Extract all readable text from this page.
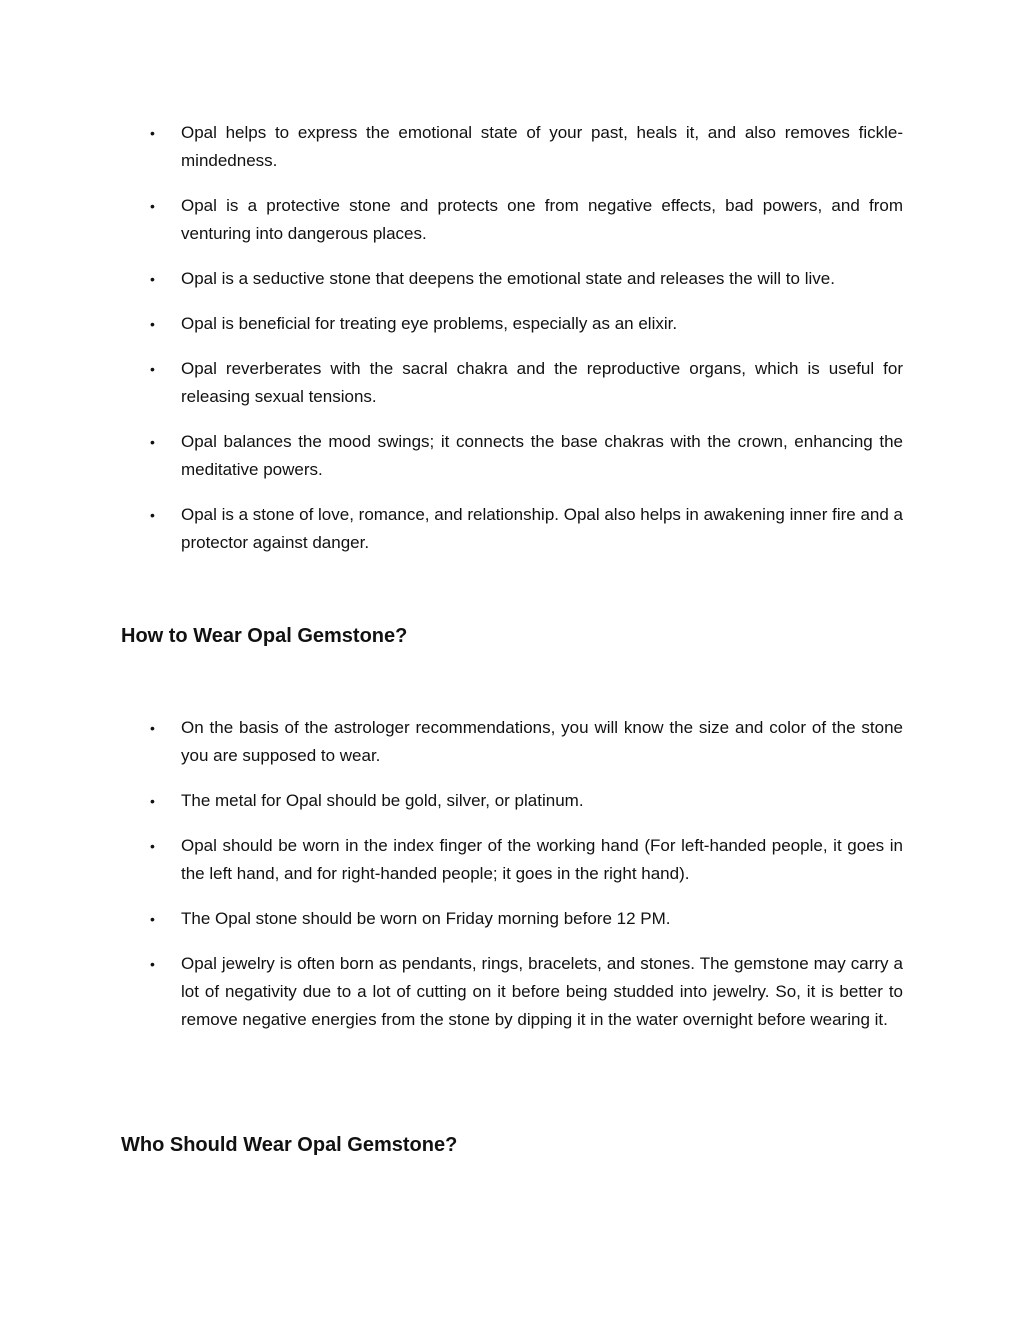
• Opal helps to express the emotional state of your past, heals it, and also removes fickle-mindedness.
• Opal is a protective stone and protects one from negative effects, bad powers, and from venturing into dangerous places.
• Opal is a seductive stone that deepens the emotional state and releases the will to live.
• Opal is beneficial for treating eye problems, especially as an elixir.
• Opal reverberates with the sacral chakra and the reproductive organs, which is useful for releasing sexual tensions.
• Opal balances the mood swings; it connects the base chakras with the crown, enhancing the meditative powers.
• Opal is a stone of love, romance, and relationship. Opal also helps in awakening inner fire and a protector against danger.
How to Wear Opal Gemstone?
• On the basis of the astrologer recommendations, you will know the size and color of the stone you are supposed to wear.
• The metal for Opal should be gold, silver, or platinum.
• Opal should be worn in the index finger of the working hand (For left-handed people, it goes in the left hand, and for right-handed people; it goes in the right hand).
• The Opal stone should be worn on Friday morning before 12 PM.
• Opal jewelry is often born as pendants, rings, bracelets, and stones. The gemstone may carry a lot of negativity due to a lot of cutting on it before being studded into jewelry. So, it is better to remove negative energies from the stone by dipping it in the water overnight before wearing it.
Who Should Wear Opal Gemstone?
